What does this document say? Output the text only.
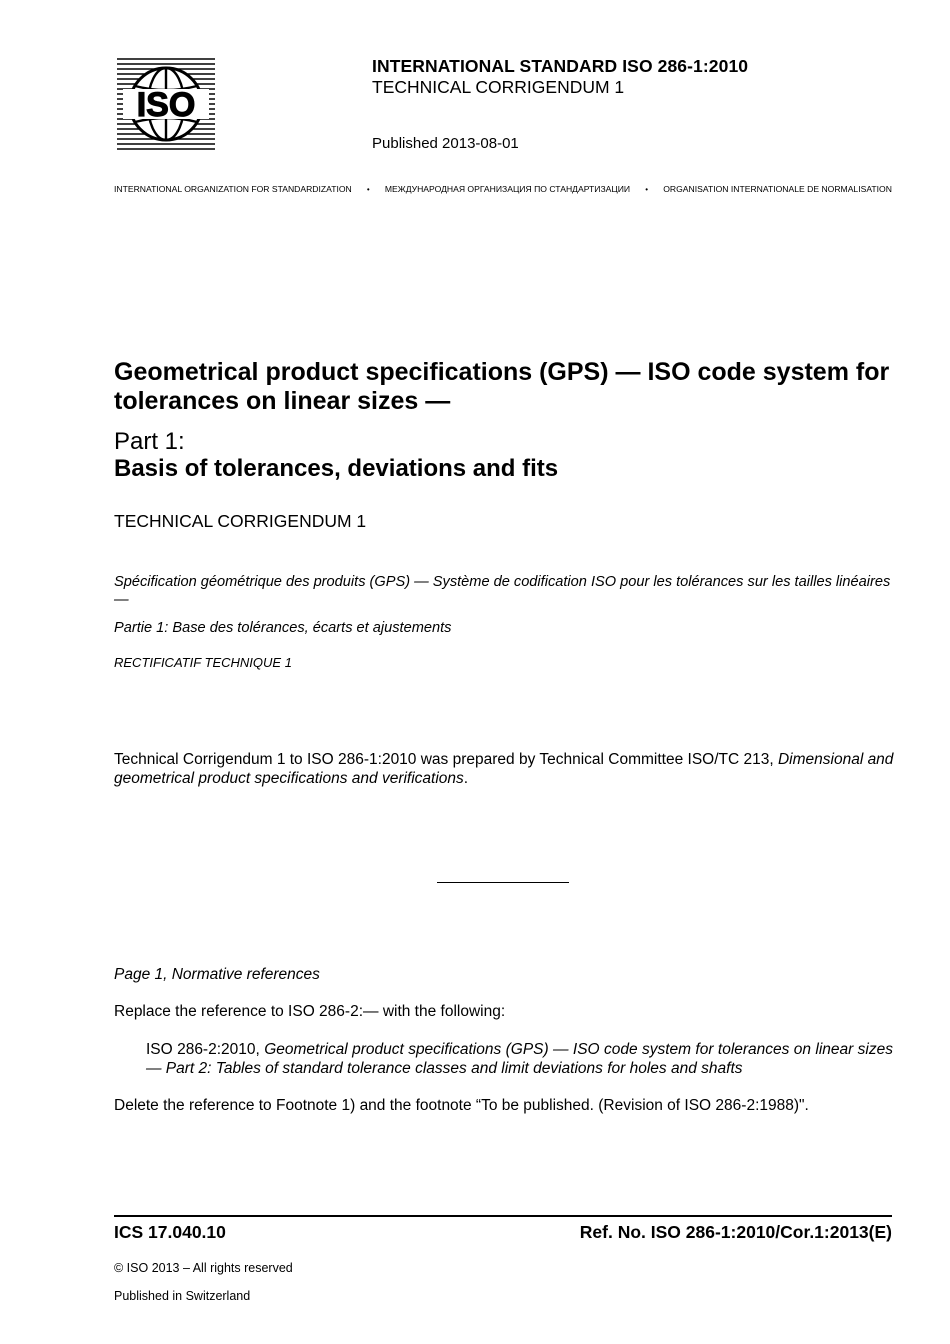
ISO
INTERNATIONAL STANDARD ISO 286-1:2010
TECHNICAL CORRIGENDUM 1
Published 2013-08-01
INTERNATIONAL ORGANIZATION FOR STANDARDIZATION • МЕЖДУНАРОДНАЯ ОРГАНИЗАЦИЯ ПО СТАНДАРТИЗАЦИИ • ORGANISATION INTERNATIONALE DE NORMALISATION
Geometrical product specifications (GPS) — ISO code system for tolerances on linear sizes —
Part 1:
Basis of tolerances, deviations and fits
TECHNICAL CORRIGENDUM 1
Spécification géométrique des produits (GPS) — Système de codification ISO pour les tolérances sur les tailles linéaires —
Partie 1: Base des tolérances, écarts et ajustements
RECTIFICATIF TECHNIQUE 1
Technical Corrigendum 1 to ISO 286-1:2010 was prepared by Technical Committee ISO/TC 213, Dimensional and geometrical product specifications and verifications.
Page 1, Normative references
Replace the reference to ISO 286-2:— with the following:
ISO 286-2:2010, Geometrical product specifications (GPS) — ISO code system for tolerances on linear sizes — Part 2: Tables of standard tolerance classes and limit deviations for holes and shafts
Delete the reference to Footnote 1) and the footnote “To be published. (Revision of ISO 286-2:1988)".
ICS 17.040.10	Ref. No. ISO 286-1:2010/Cor.1:2013(E)
© ISO 2013 – All rights reserved
Published in Switzerland
